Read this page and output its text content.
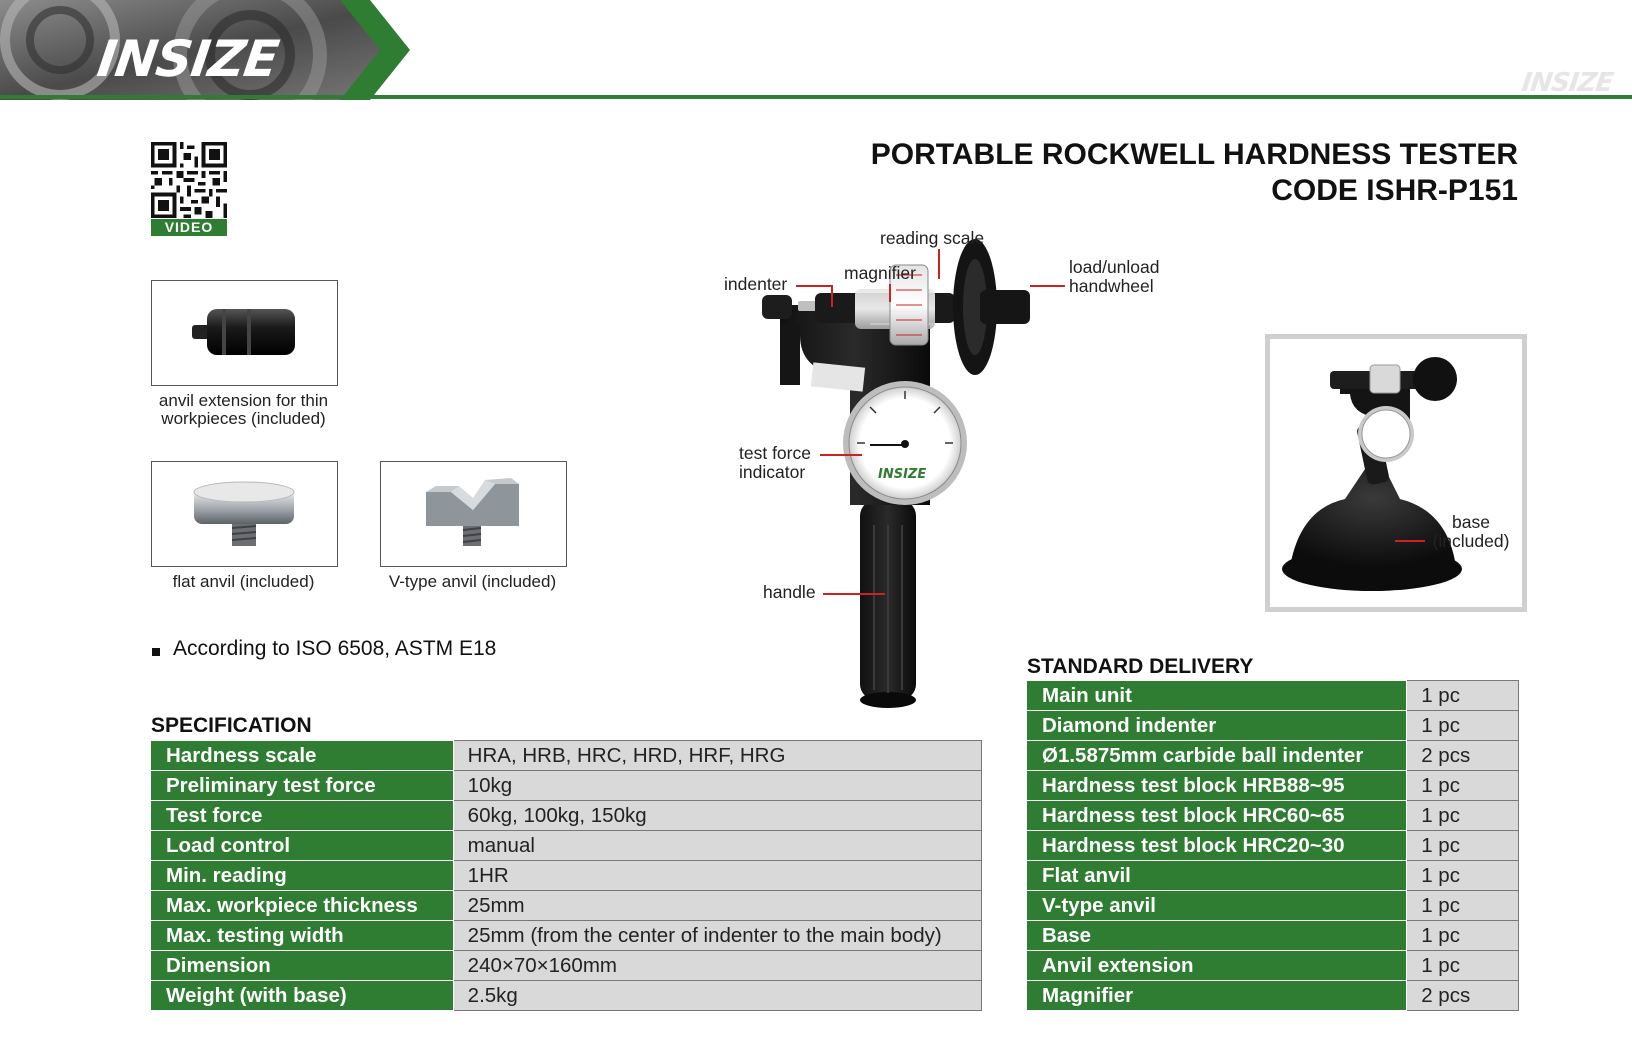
INSIZE	INSIZE
PORTABLE ROCKWELL HARDNESS TESTER
CODE ISHR-P151
VIDEO
anvil extension for thin
workpieces (included)
flat anvil (included)	V-type anvil (included)
INSIZE
reading scale
magnifier
indenter
load/unload
handwheel
test force
indicator
handle
base
(included)
According to ISO 6508, ASTM E18
SPECIFICATION
Hardness scale	HRA, HRB, HRC, HRD, HRF, HRG
Preliminary test force	10kg
Test force	60kg, 100kg, 150kg
Load control	manual
Min. reading	1HR
Max. workpiece thickness	25mm
Max. testing width	25mm (from the center of indenter to the main body)
Dimension	240×70×160mm
Weight (with base)	2.5kg
STANDARD DELIVERY
Main unit	1 pc
Diamond indenter	1 pc
Ø1.5875mm carbide ball indenter	2 pcs
Hardness test block HRB88~95	1 pc
Hardness test block HRC60~65	1 pc
Hardness test block HRC20~30	1 pc
Flat anvil	1 pc
V-type anvil	1 pc
Base	1 pc
Anvil extension	1 pc
Magnifier	2 pcs
